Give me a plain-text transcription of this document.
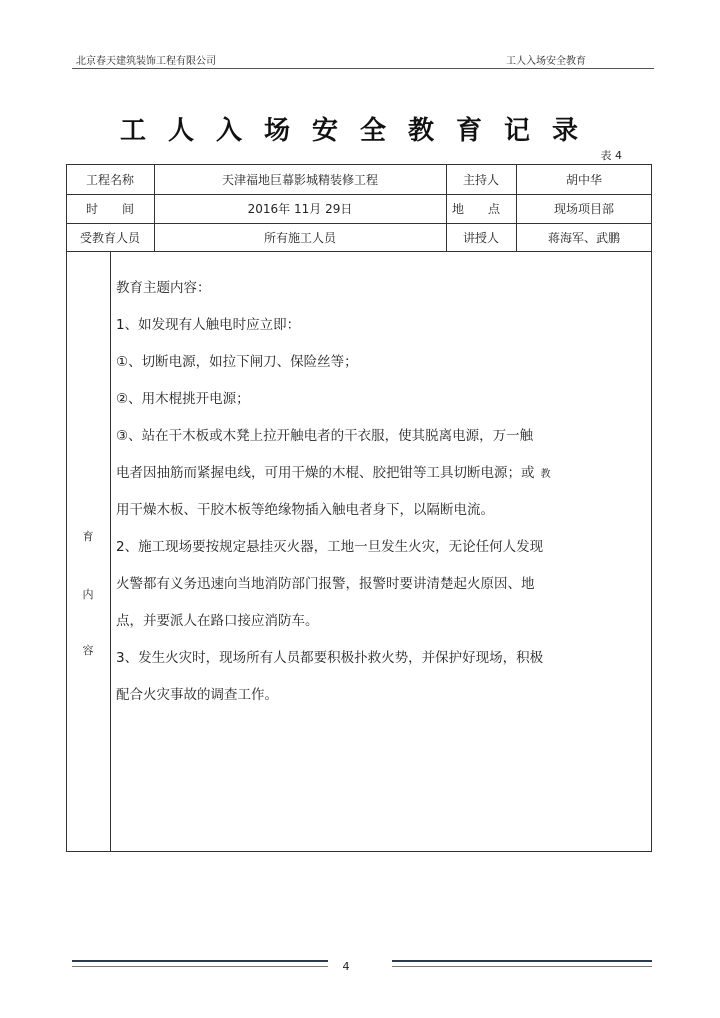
北京春天建筑装饰工程有限公司	工人入场安全教育
工人入场安全教育记录
表 4
工程名称	天津福地巨幕影城精装修工程	主持人	胡中华
时　　间	2016年 11月 29日	地　　点	现场项目部
受教育人员	所有施工人员	讲授人	蒋海军、武鹏
育
内
容

教育主题内容：

1、如发现有人触电时应立即：

①、切断电源，如拉下闸刀、保险丝等；

②、用木棍挑开电源；

③、站在干木板或木凳上拉开触电者的干衣服，使其脱离电源，万一触

电者因抽筋而紧握电线，可用干燥的木棍、胶把钳等工具切断电源；或 教

用干燥木板、干胶木板等绝缘物插入触电者身下，以隔断电流。

2、施工现场要按规定悬挂灭火器，工地一旦发生火灾，无论任何人发现

火警都有义务迅速向当地消防部门报警，报警时要讲清楚起火原因、地

点，并要派人在路口接应消防车。

3、发生火灾时，现场所有人员都要积极扑救火势，并保护好现场，积极

配合火灾事故的调查工作。

4
